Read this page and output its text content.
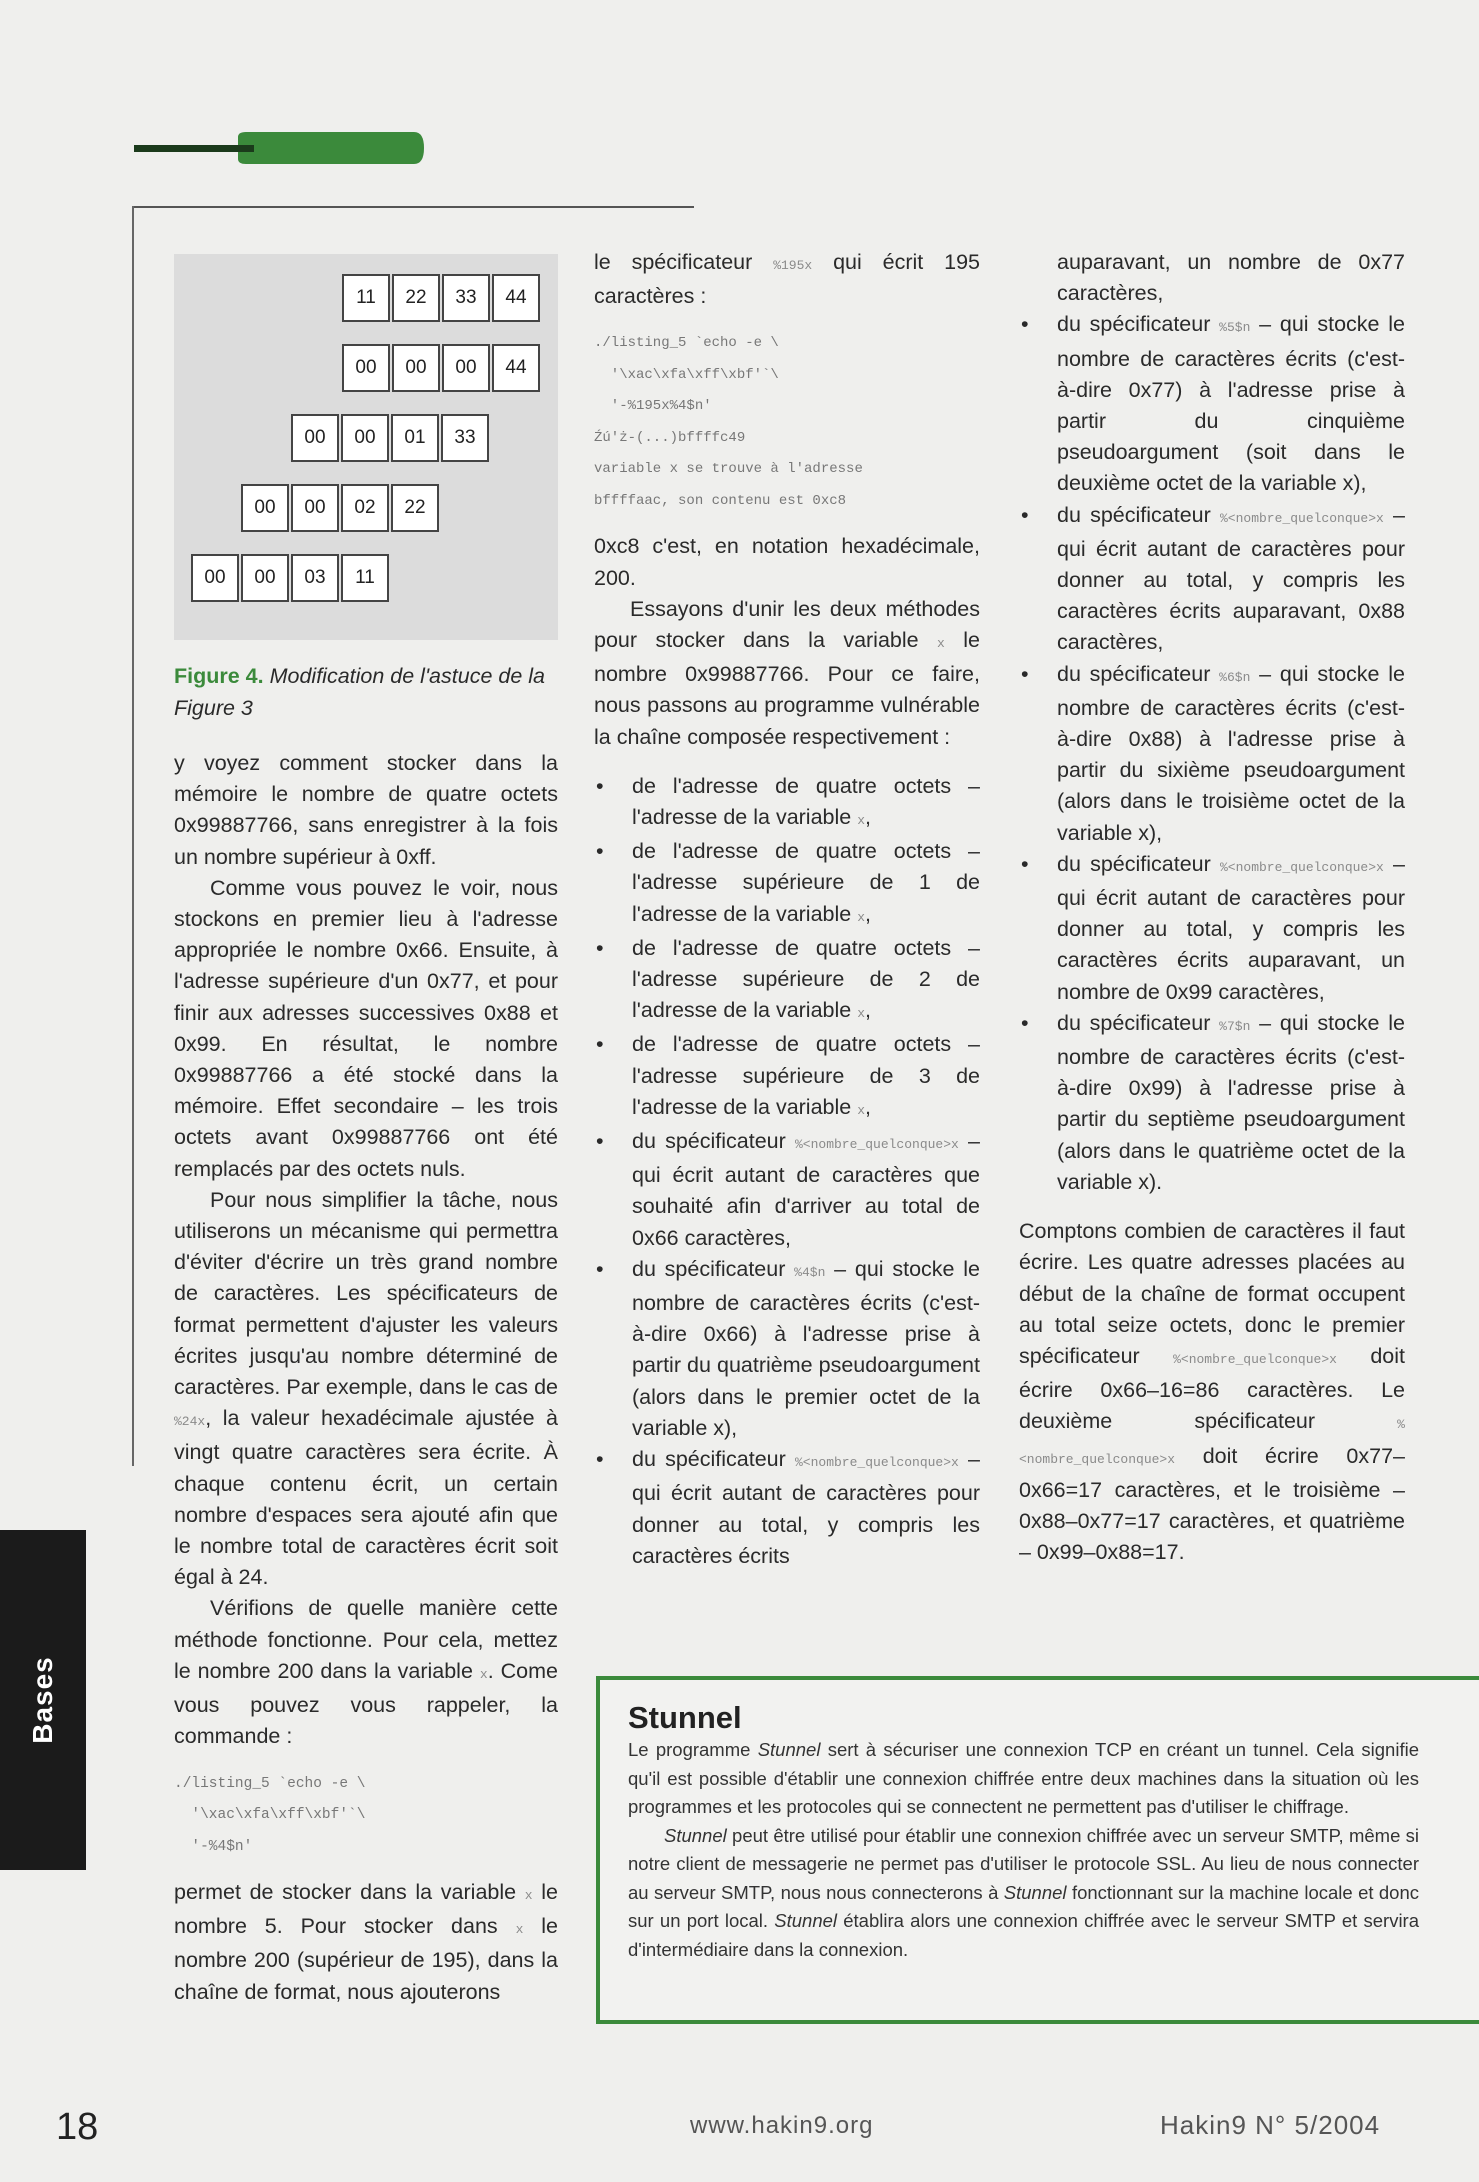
11	22	33	44
00	00	00	44
00	00	01	33
00	00	02	22
00	00	03	11
Figure 4. Modification de l'astuce de la Figure 3

y voyez comment stocker dans la mémoire le nombre de quatre octets 0x99887766, sans enregistrer à la fois un nombre supérieur à 0xff.

Comme vous pouvez le voir, nous stockons en premier lieu à l'adresse appropriée le nombre 0x66. Ensuite, à l'adresse supérieure d'un 0x77, et pour finir aux adresses successives 0x88 et 0x99. En résultat, le nombre 0x99887766 a été stocké dans la mémoire. Effet secondaire – les trois octets avant 0x99887766 ont été remplacés par des octets nuls.

Pour nous simplifier la tâche, nous utiliserons un mécanisme qui permettra d'éviter d'écrire un très grand nombre de caractères. Les spécificateurs de format permettent d'ajuster les valeurs écrites jusqu'au nombre déterminé de caractères. Par exemple, dans le cas de %24x, la valeur hexadécimale ajustée à vingt quatre caractères sera écrite. À chaque contenu écrit, un certain nombre d'espaces sera ajouté afin que le nombre total de caractères écrit soit égal à 24.

Vérifions de quelle manière cette méthode fonctionne. Pour cela, mettez le nombre 200 dans la variable x. Come vous pouvez vous rappeler, la commande :

./listing_5 `echo -e \
'\xac\xfa\xff\xbf'`\
'-%4$n'

permet de stocker dans la variable x le nombre 5. Pour stocker dans x le nombre 200 (supérieur de 195), dans la chaîne de format, nous ajouterons

le spécificateur %195x qui écrit 195 caractères :

./listing_5 `echo -e \
'\xac\xfa\xff\xbf'`\
'-%195x%4$n'
Źú'ż-(...)bffffc49
variable x se trouve à l'adresse
bffffaac, son contenu est 0xc8

0xc8 c'est, en notation hexadécimale, 200.

Essayons d'unir les deux méthodes pour stocker dans la variable x le nombre 0x99887766. Pour ce faire, nous passons au programme vulnérable la chaîne composée respectivement :

• de l'adresse de quatre octets – l'adresse de la variable x,
• de l'adresse de quatre octets – l'adresse supérieure de 1 de l'adresse de la variable x,
• de l'adresse de quatre octets – l'adresse supérieure de 2 de l'adresse de la variable x,
• de l'adresse de quatre octets – l'adresse supérieure de 3 de l'adresse de la variable x,
• du spécificateur %<nombre_quelconque>x – qui écrit autant de caractères que souhaité afin d'arriver au total de 0x66 caractères,
• du spécificateur %4$n – qui stocke le nombre de caractères écrits (c'est-à-dire 0x66) à l'adresse prise à partir du quatrième pseudoargument (alors dans le premier octet de la variable x),
• du spécificateur %<nombre_quelconque>x – qui écrit autant de caractères pour donner au total, y compris les caractères écrits
auparavant, un nombre de 0x77 caractères,
• du spécificateur %5$n – qui stocke le nombre de caractères écrits (c'est-à-dire 0x77) à l'adresse prise à partir du cinquième pseudoargument (soit dans le deuxième octet de la variable x),
• du spécificateur %<nombre_quelconque>x – qui écrit autant de caractères pour donner au total, y compris les caractères écrits auparavant, 0x88 caractères,
• du spécificateur %6$n – qui stocke le nombre de caractères écrits (c'est-à-dire 0x88) à l'adresse prise à partir du sixième pseudoargument (alors dans le troisième octet de la variable x),
• du spécificateur %<nombre_quelconque>x – qui écrit autant de caractères pour donner au total, y compris les caractères écrits auparavant, un nombre de 0x99 caractères,
• du spécificateur %7$n – qui stocke le nombre de caractères écrits (c'est-à-dire 0x99) à l'adresse prise à partir du septième pseudoargument (alors dans le quatrième octet de la variable x).

Comptons combien de caractères il faut écrire. Les quatre adresses placées au début de la chaîne de format occupent au total seize octets, donc le premier spécificateur	%<nombre_quelconque>x doit écrire 0x66–16=86 caractères. Le deuxième spécificateur	%<nombre_quelconque>x doit écrire 0x77–0x66=17 caractères, et le troisième – 0x88–0x77=17 caractères, et quatrième – 0x99–0x88=17.

Stunnel

Le programme Stunnel sert à sécuriser une connexion TCP en créant un tunnel. Cela signifie qu'il est possible d'établir une connexion chiffrée entre deux machines dans la situation où les programmes et les protocoles qui se connectent ne permettent pas d'utiliser le chiffrage.

Stunnel peut être utilisé pour établir une connexion chiffrée avec un serveur SMTP, même si notre client de messagerie ne permet pas d'utiliser le protocole SSL. Au lieu de nous connecter au serveur SMTP, nous nous connecterons à Stunnel fonctionnant sur la machine locale et donc sur un port local. Stunnel établira alors une connexion chiffrée avec le serveur SMTP et servira d'intermédiaire dans la connexion.

Bases
18	www.hakin9.org	Hakin9 N° 5/2004
